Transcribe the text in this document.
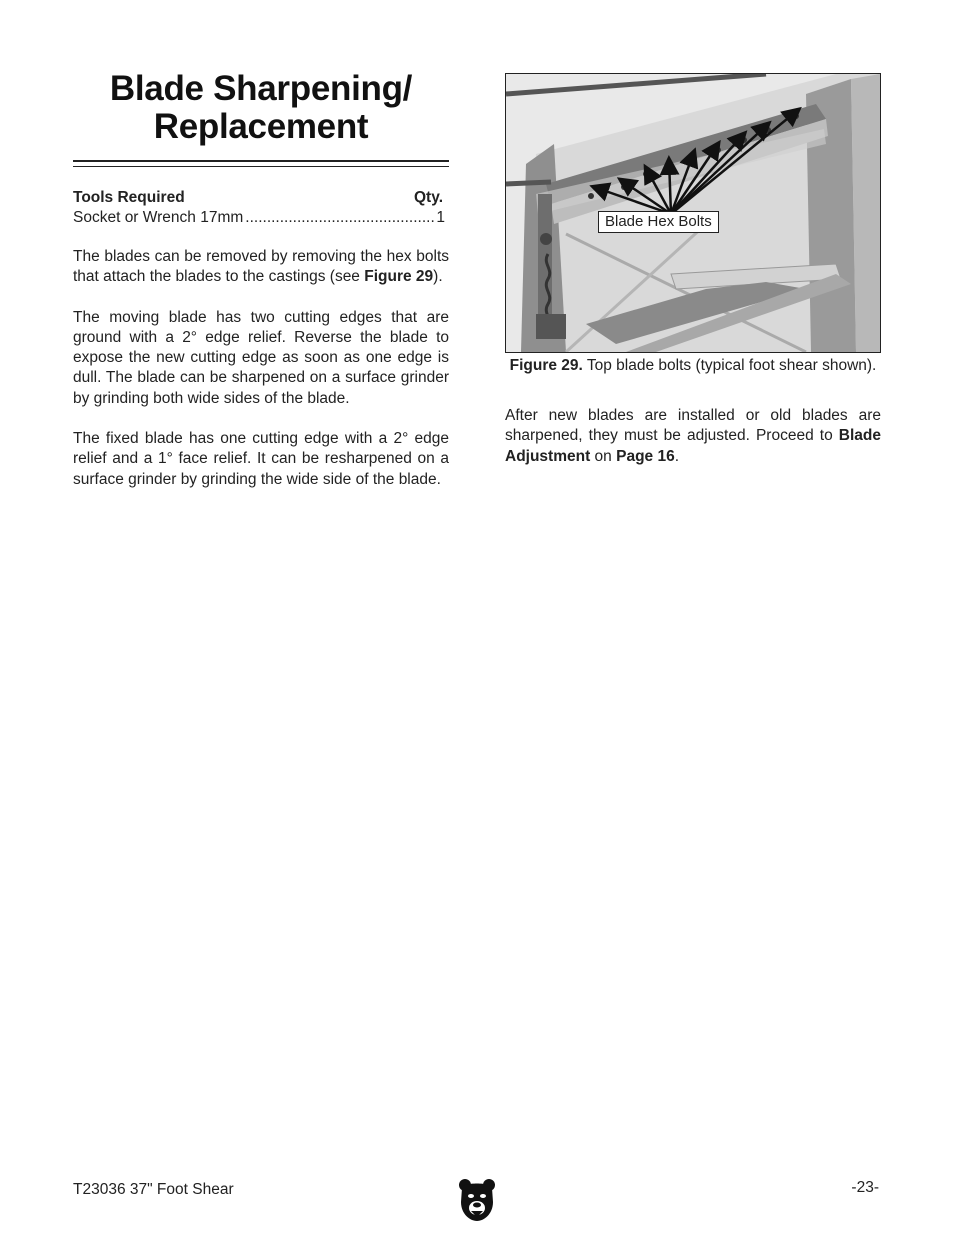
Blade Sharpening/
Replacement
Tools Required	Qty.
Socket or Wrench 17mm
.....	1

The blades can be removed by removing the hex bolts that attach the blades to the castings (see Figure 29).

The moving blade has two cutting edges that are ground with a 2° edge relief. Reverse the blade to expose the new cutting edge as soon as one edge is dull. The blade can be sharpened on a surface grinder by grinding both wide sides of the blade.

The fixed blade has one cutting edge with a 2° edge relief and a 1° face relief. It can be resharpened on a surface grinder by grinding the wide side of the blade.

Blade Hex Bolts
Figure 29. Top blade bolts (typical foot shear shown).

After new blades are installed or old blades are sharpened, they must be adjusted. Proceed to Blade Adjustment on Page 16.

T23036 37" Foot Shear	-23-
